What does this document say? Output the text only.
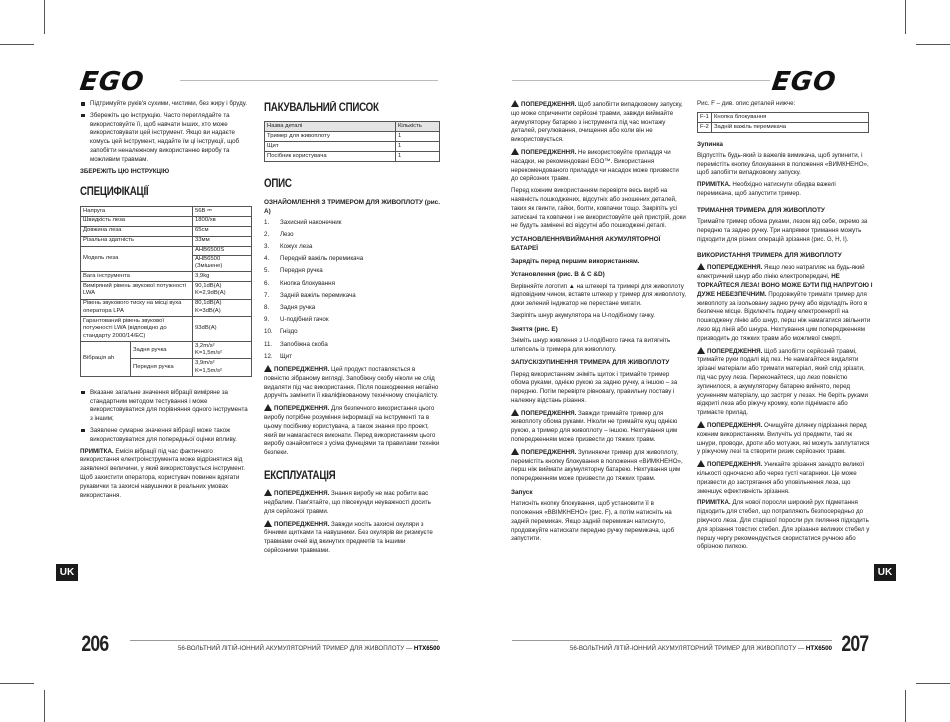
EGO
Підтримуйте руків'я сухими, чистими, без жиру і бруду.
Збережіть цю інструкцію. Часто переглядайте та використовуйте її, щоб навчати інших, хто може використовувати цей інструмент. Якщо ви надаєте комусь цей інструмент, надайте їм ці інструкції, щоб запобігти неналежному використанню виробу та можливим травмам.
ЗБЕРЕЖІТЬ ЦЮ ІНСТРУКЦІЮ
СПЕЦИФІКАЦІЇ
Напруга	56В ⎓
Швидкість леза	1800/хв
Довжина леза	65см
Різальна здатність	33мм
Модель леза	AHB6500S
AHB6500 (Змішене)

Вага інструмента	3,9kg
Виміряний рівень звукової потужності LWA	90,1dB(A)
K=2,9dB(A)

Рівень звукового тиску на місці вуха оператора LPA	80,1dB(A)
K=3dB(A)

Гарантований рівень звукової потужності LWA (відповідно до стандарту 2000/14/EC)	93dB(A)
Вібрація ah	Задня ручка	3,2m/s²
K=1,5m/s²

	Передня ручка	3,9m/s²
K=1,5m/s²
Вказане загальне значення вібрації виміряне за стандартним методом тестування і може використовуватися для порівняння одного інструмента з іншим;
Заявлене сумарне значення вібрації може також використовуватися для попередньої оцінки впливу.

ПРИМІТКА. Емісія вібрації під час фактичного використання електроінструмента може відрізнятися від заявленої величини, у який використовується інструмент. Щоб захистити оператора, користувач повинен вдягати рукавички та захисні навушники в реальних умовах використання.

ПАКУВАЛЬНИЙ СПИСОК
Назва деталі	Кількість
Тример для живоплоту	1
Щит	1
Посібник користувача	1
ОПИС
ОЗНАЙОМЛЕННЯ З ТРИМЕРОМ ДЛЯ ЖИВОПЛОТУ (рис. A)
1.	Захисний наконечник
2.	Лезо
3.	Кожух леза
4.	Передній важіль перемикача
5.	Передня ручка
6.	Кнопка блокування
7.	Задній важіль перемикача
8.	Задня ручка
9.	U-подібний гачок
10.	Гніздо
11.	Запобіжна скоба
12.	Щит

ПОПЕРЕДЖЕННЯ. Цей продукт поставляється в повністю зібраному вигляді. Запобіжну скобу ніколи не слід видаляти під час використання. Після пошкодження негайно доручіть замінити її кваліфікованому технічному спеціалісту.

ПОПЕРЕДЖЕННЯ. Для безпечного використання цього виробу потрібне розуміння інформації на інструменті та в цьому посібнику користувача, а також знання про проект, який ви намагаєтеся виконати. Перед використанням цього виробу ознайомтеся з усіма функціями та правилами техніки безпеки.

ЕКСПЛУАТАЦІЯ

ПОПЕРЕДЖЕННЯ. Знання виробу не має робити вас недбалим. Пам'ятайте, що півсекунди неуважності досить для серйозної травми.

ПОПЕРЕДЖЕННЯ. Завжди носіть захисні окуляри з бічними щитками та навушники. Без окулярів ви ризикуєте травмами очей від вкинутих предметів та іншими серйозними травмами.

UK
206	56-ВОЛЬТНИЙ ЛІТІЙ-ІОННИЙ АКУМУЛЯТОРНИЙ ТРИМЕР ДЛЯ ЖИВОПЛОТУ — HTX6500
EGO

ПОПЕРЕДЖЕННЯ. Щоб запобігти випадковому запуску, що може спричинити серйозні травми, завжди виймайте акумуляторну батарею з інструмента під час монтажу деталей, регулювання, очищення або коли він не використовується.

ПОПЕРЕДЖЕННЯ. Не використовуйте приладдя чи насадки, не рекомендовані EGO™. Використання нерекомендованого приладдя чи насадок може призвести до серйозних травм.

Перед кожним використанням перевірте весь виріб на наявність пошкоджених, відсутніх або знoшених деталей, таких як гвинти, гайки, болти, ковпачки тощо. Закріпіть усі затискачі та ковпачки і не використовуйте цей пристрій, доки не будуть замінені всі відсутні або пошкоджені деталі.

УСТАНОВЛЕННЯ/ВИЙМАННЯ АКУМУЛЯТОРНОЇ БАТАРЕЇ
Зарядіть перед першим використанням.
Установлення (рис. B & C &D)

Вирівняйте логотип ▲ на штекері та тримері для живоплоту відповідним чином, вставте штекер у тример для живоплоту, доки зелений індикатор не перестане мигати.

Закріпіть шнур акумулятора на U-подібному гачку.

Зняття (рис. E)

Зніміть шнур живлення з U-подібного гачка та витягніть штепсель із тримера для живоплоту.

ЗАПУСК/ЗУПИНЕННЯ ТРИМЕРА ДЛЯ ЖИВОПЛОТУ

Перед використанням зніміть щиток і тримайте тример обома руками, однією рукою за задню ручку, а іншою – за передню. Потім перевірте рівновагу, правильну поставу і належну відстань різання.

ПОПЕРЕДЖЕННЯ. Завжди тримайте тример для живоплоту обома руками. Ніколи не тримайте кущ однією рукою, а тример для живоплоту – іншою. Нехтування цим попередженням може призвести до тяжких травм.

ПОПЕРЕДЖЕННЯ. Зупиняючи тример для живоплоту, перемістіть кнопку блокування в положення «ВИМКНЕНО», перш ніж виймати акумуляторну батарею. Нехтування цим попередженням може призвести до тяжких травм.

Запуск

Натисніть кнопку блокування, щоб установити її в положення «ВВІМКНЕНО» (рис. F), а потім натисніть на задній перемикач. Якщо задній перемикач натиснуто, продовжуйте натискати передню ручку перемикача, щоб запустити.

Рис. F – див. опис деталей нижче:

F-1	Кнопка блокування
F-2	Задній важіль перемикача
Зупинка

Відпустіть будь-який із важелів вимикача, щоб зупинити, і перемістіть кнопку блокування в положення «ВИМКНЕНО», щоб запобігти випадковому запуску.

ПРИМІТКА. Необхідно натиснути обидва важелі перемикача, щоб запустити тример.

ТРИМАННЯ ТРИМЕРА ДЛЯ ЖИВОПЛОТУ

Тримайте тример обома руками, лезом від себе, окремо за передню та задню ручку. Три напрямки тримання можуть підходити для різних операцій зрізання (рис. G, H, I).

ВИКОРИСТАННЯ ТРИМЕРА ДЛЯ ЖИВОПЛОТУ

ПОПЕРЕДЖЕННЯ. Якщо лезо натрапляє на будь-який електричний шнур або лінію електропередачі, НЕ ТОРКАЙТЕСЯ ЛЕЗА! ВОНО МОЖЕ БУТИ ПІД НАПРУГОЮ І ДУЖЕ НЕБЕЗПЕЧНИМ. Продовжуйте тримати тример для живоплоту за ізольовану задню ручку або відкладіть його в безпечне місце. Відключіть подачу електроенергії на пошкоджену лінію або шнур, перш ніж намагатися звільнити лезо від ліній або шнура. Нехтування цим попередженням призводить до тяжких травм або можливої смерті.

ПОПЕРЕДЖЕННЯ. Щоб запобігти серйозній травмі, тримайте руки подалі від лез. Не намагайтеся видаляти зрізані матеріали або тримати матеріал, який слід зрізати, під час руху леза. Переконайтеся, що лезо повністю зупинилося, а акумуляторну батарею вийнято, перед усуненням матеріалу, що застряг у лезах. Не беріть руками відкриті леза або ріжучу кромку, коли піднімаєте або тримаєте прилад.

ПОПЕРЕДЖЕННЯ. Очищуйте ділянку підрізання перед кожним використанням. Вилучіть усі предмети, такі як шнури, проводи, дроти або мотузки, які можуть заплутатися у ріжучому лезі та створити ризик серйозних травм.

ПОПЕРЕДЖЕННЯ. Уникайте зрізання занадто великої кількості одночасно або через густі чагарники. Це може призвести до застрягання або уповільнення леза, що зменшує ефективність зрізання.

ПРИМІТКА. Для нової поросли широкий рух підметання підходить для стебел, що потрапляють безпосередньо до ріжучого леза. Для старішої поросли рух пиляння підходить для зрізання товстих стебел. Для зрізання великих стебел у першу чергу рекомендується скористатися ручною або обрізною пилкою.

UK
56-ВОЛЬТНИЙ ЛІТІЙ-ІОННИЙ АКУМУЛЯТОРНИЙ ТРИМЕР ДЛЯ ЖИВОПЛОТУ — HTX6500 207
